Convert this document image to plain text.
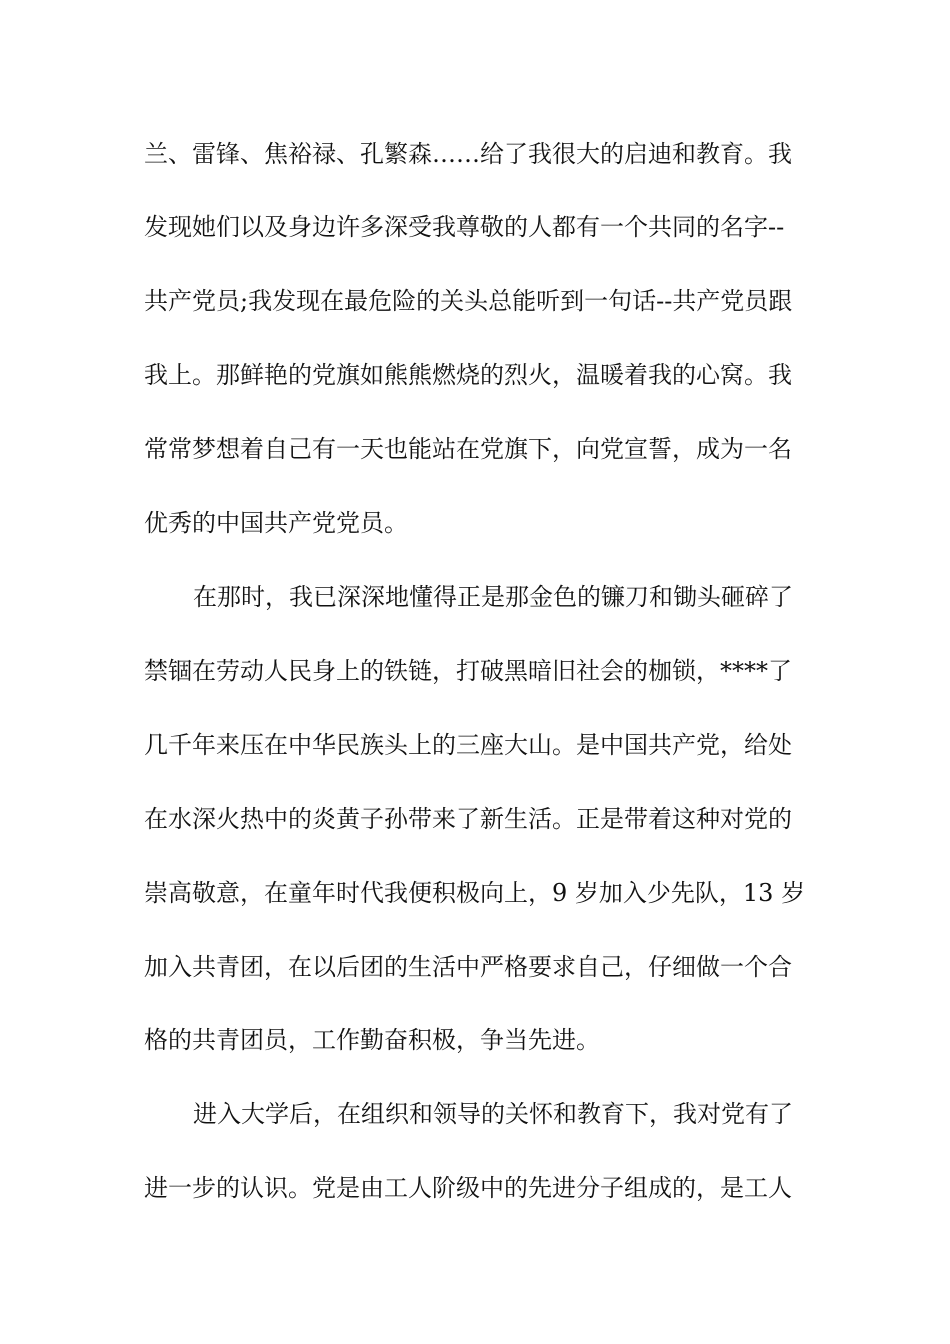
兰、雷锋、焦裕禄、孔繁森……给了我很大的启迪和教育。我
发现她们以及身边许多深受我尊敬的人都有一个共同的名字--
共产党员;我发现在最危险的关头总能听到一句话--共产党员跟
我上。那鲜艳的党旗如熊熊燃烧的烈火，温暖着我的心窝。我
常常梦想着自己有一天也能站在党旗下，向党宣誓，成为一名
优秀的中国共产党党员。
在那时，我已深深地懂得正是那金色的镰刀和锄头砸碎了
禁锢在劳动人民身上的铁链，打破黑暗旧社会的枷锁，****了
几千年来压在中华民族头上的三座大山。是中国共产党，给处
在水深火热中的炎黄子孙带来了新生活。正是带着这种对党的
崇高敬意，在童年时代我便积极向上，9 岁加入少先队，13 岁
加入共青团，在以后团的生活中严格要求自己，仔细做一个合
格的共青团员，工作勤奋积极，争当先进。
进入大学后，在组织和领导的关怀和教育下，我对党有了
进一步的认识。党是由工人阶级中的先进分子组成的，是工人
